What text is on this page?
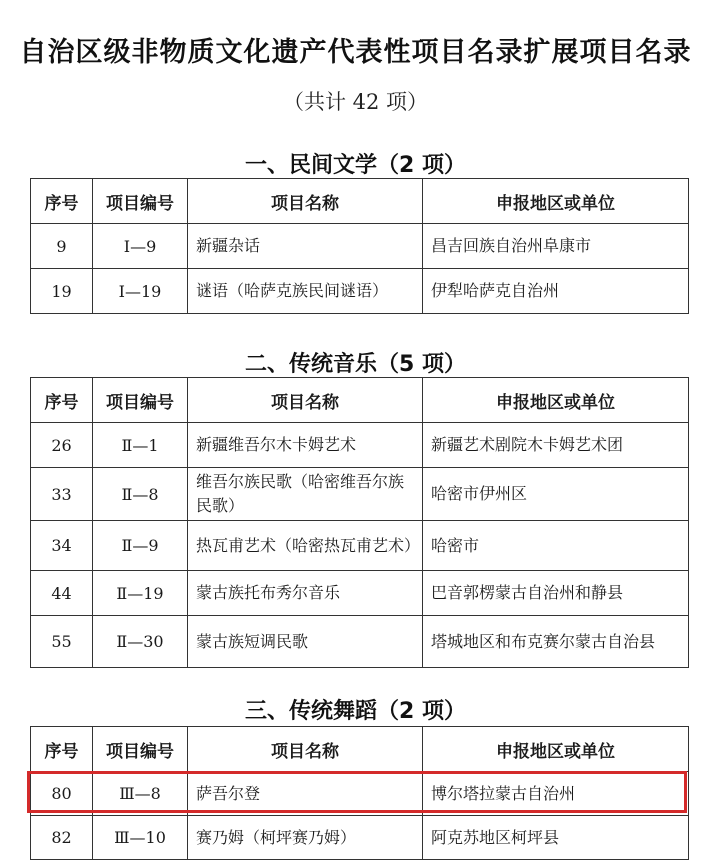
自治区级非物质文化遗产代表性项目名录扩展项目名录
（共计 42 项）
一、民间文学（2 项）
序号	项目编号	项目名称	申报地区或单位
9	Ⅰ—9	新疆杂话	昌吉回族自治州阜康市
19	Ⅰ—19	谜语（哈萨克族民间谜语）	伊犁哈萨克自治州
二、传统音乐（5 项）
序号	项目编号	项目名称	申报地区或单位
26	Ⅱ—1	新疆维吾尔木卡姆艺术	新疆艺术剧院木卡姆艺术团
33	Ⅱ—8	维吾尔族民歌（哈密维吾尔族民歌）	哈密市伊州区
34	Ⅱ—9	热瓦甫艺术（哈密热瓦甫艺术）	哈密市
44	Ⅱ—19	蒙古族托布秀尔音乐	巴音郭楞蒙古自治州和静县
55	Ⅱ—30	蒙古族短调民歌	塔城地区和布克赛尔蒙古自治县
三、传统舞蹈（2 项）
序号	项目编号	项目名称	申报地区或单位
80	Ⅲ—8	萨吾尔登	博尔塔拉蒙古自治州
82	Ⅲ—10	赛乃姆（柯坪赛乃姆）	阿克苏地区柯坪县
